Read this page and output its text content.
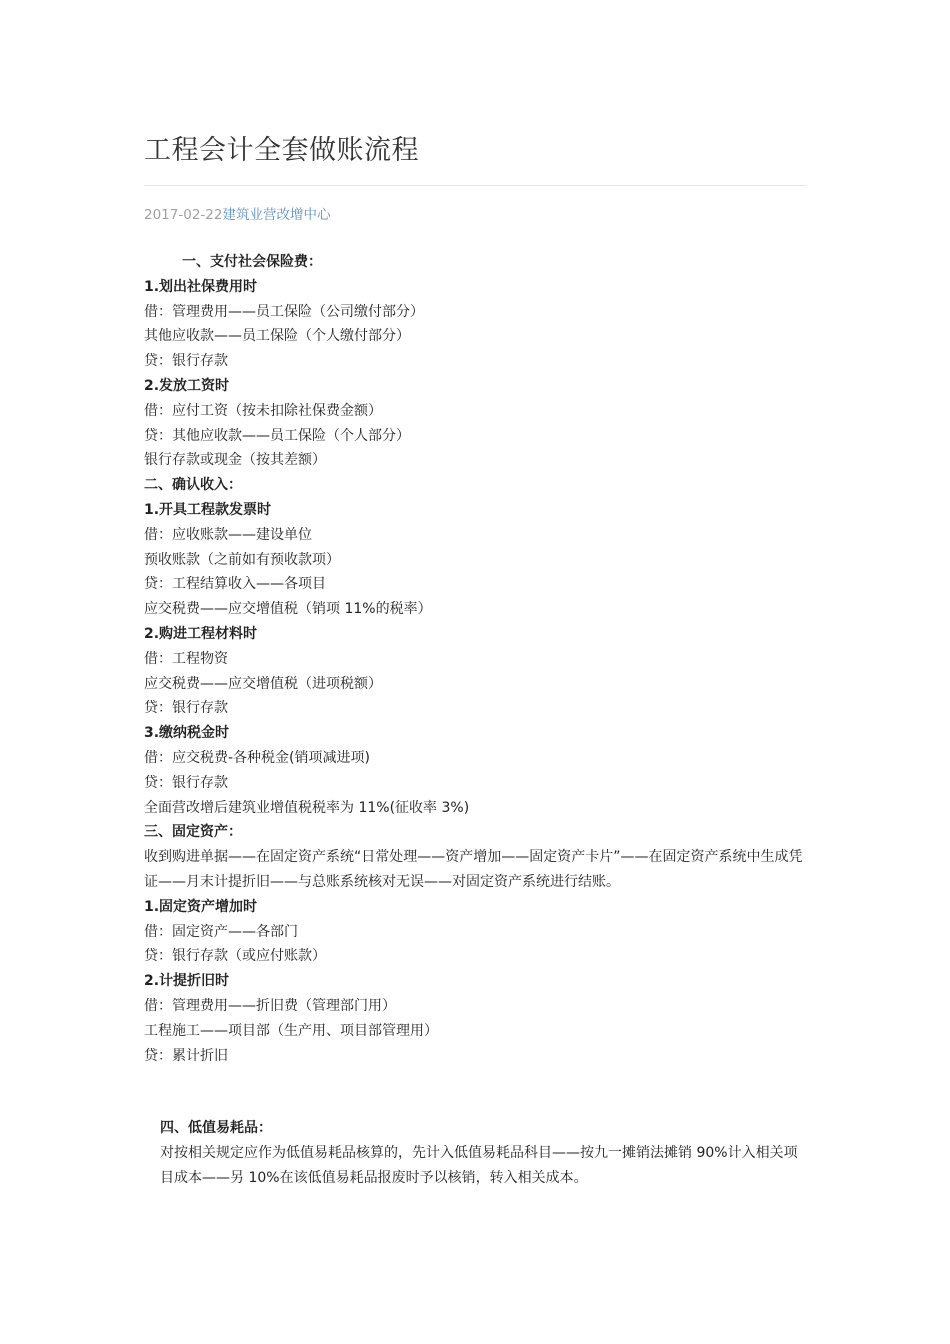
工程会计全套做账流程
2017-02-22建筑业营改增中心
一、支付社会保险费：
1.划出社保费用时
借：管理费用——员工保险（公司缴付部分）
其他应收款——员工保险（个人缴付部分）
贷：银行存款
2.发放工资时
借：应付工资（按未扣除社保费金额）
贷：其他应收款——员工保险（个人部分）
银行存款或现金（按其差额）
二、确认收入：
1.开具工程款发票时
借：应收账款——建设单位
预收账款（之前如有预收款项）
贷：工程结算收入——各项目
应交税费——应交增值税（销项 11%的税率）
2.购进工程材料时
借：工程物资
应交税费——应交增值税（进项税额）
贷：银行存款
3.缴纳税金时
借：应交税费-各种税金(销项减进项)
贷：银行存款
全面营改增后建筑业增值税税率为 11%(征收率 3%)
三、固定资产：
收到购进单据——在固定资产系统“日常处理——资产增加——固定资产卡片”——在固定资产系统中生成凭证——月末计提折旧——与总账系统核对无误——对固定资产系统进行结账。
1.固定资产增加时
借：固定资产——各部门
贷：银行存款（或应付账款）
2.计提折旧时
借：管理费用——折旧费（管理部门用）
工程施工——项目部（生产用、项目部管理用）
贷：累计折旧
四、低值易耗品：
对按相关规定应作为低值易耗品核算的，先计入低值易耗品科目——按九一摊销法摊销 90%计入相关项目成本——另 10%在该低值易耗品报废时予以核销，转入相关成本。
